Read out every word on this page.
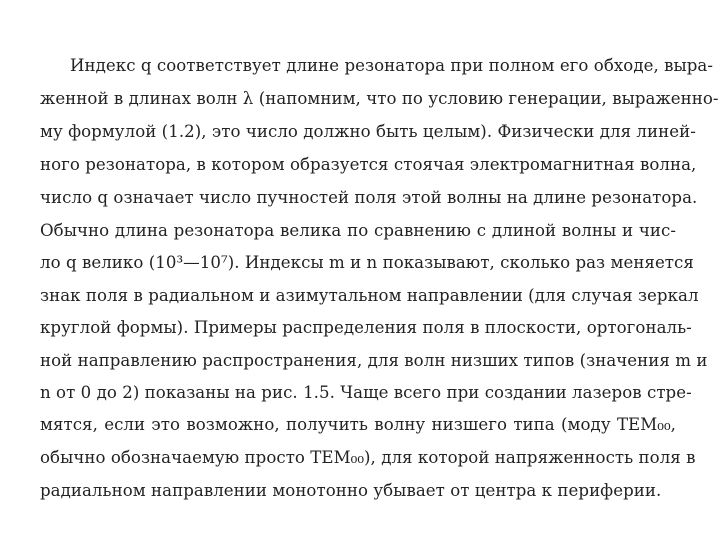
Индекс q соответствует длине резонатора при полном его обходе, выра-
женной в длинах волн λ (напомним, что по условию генерации, выраженно-
му формулой (1.2), это число должно быть целым). Физически для линей-
ного резонатора, в котором образуется стоячая электромагнитная волна,
число q означает число пучностей поля этой волны на длине резонатора.
Обычно длина резонатора велика по сравнению с длиной волны и чис-
ло q велико (10³—10⁷). Индексы m и n показывают, сколько раз меняется
знак поля в радиальном и азимутальном направлении (для случая зеркал
круглой формы). Примеры распределения поля в плоскости, ортогональ-
ной направлению распространения, для волн низших типов (значения m и
n от 0 до 2) показаны на рис. 1.5. Чаще всего при создании лазеров стре-
мятся, если это возможно, получить волну низшего типа (моду TEM₀₀,
обычно обозначаемую просто TEM₀₀), для которой напряженность поля в
радиальном направлении монотонно убывает от центра к периферии.
